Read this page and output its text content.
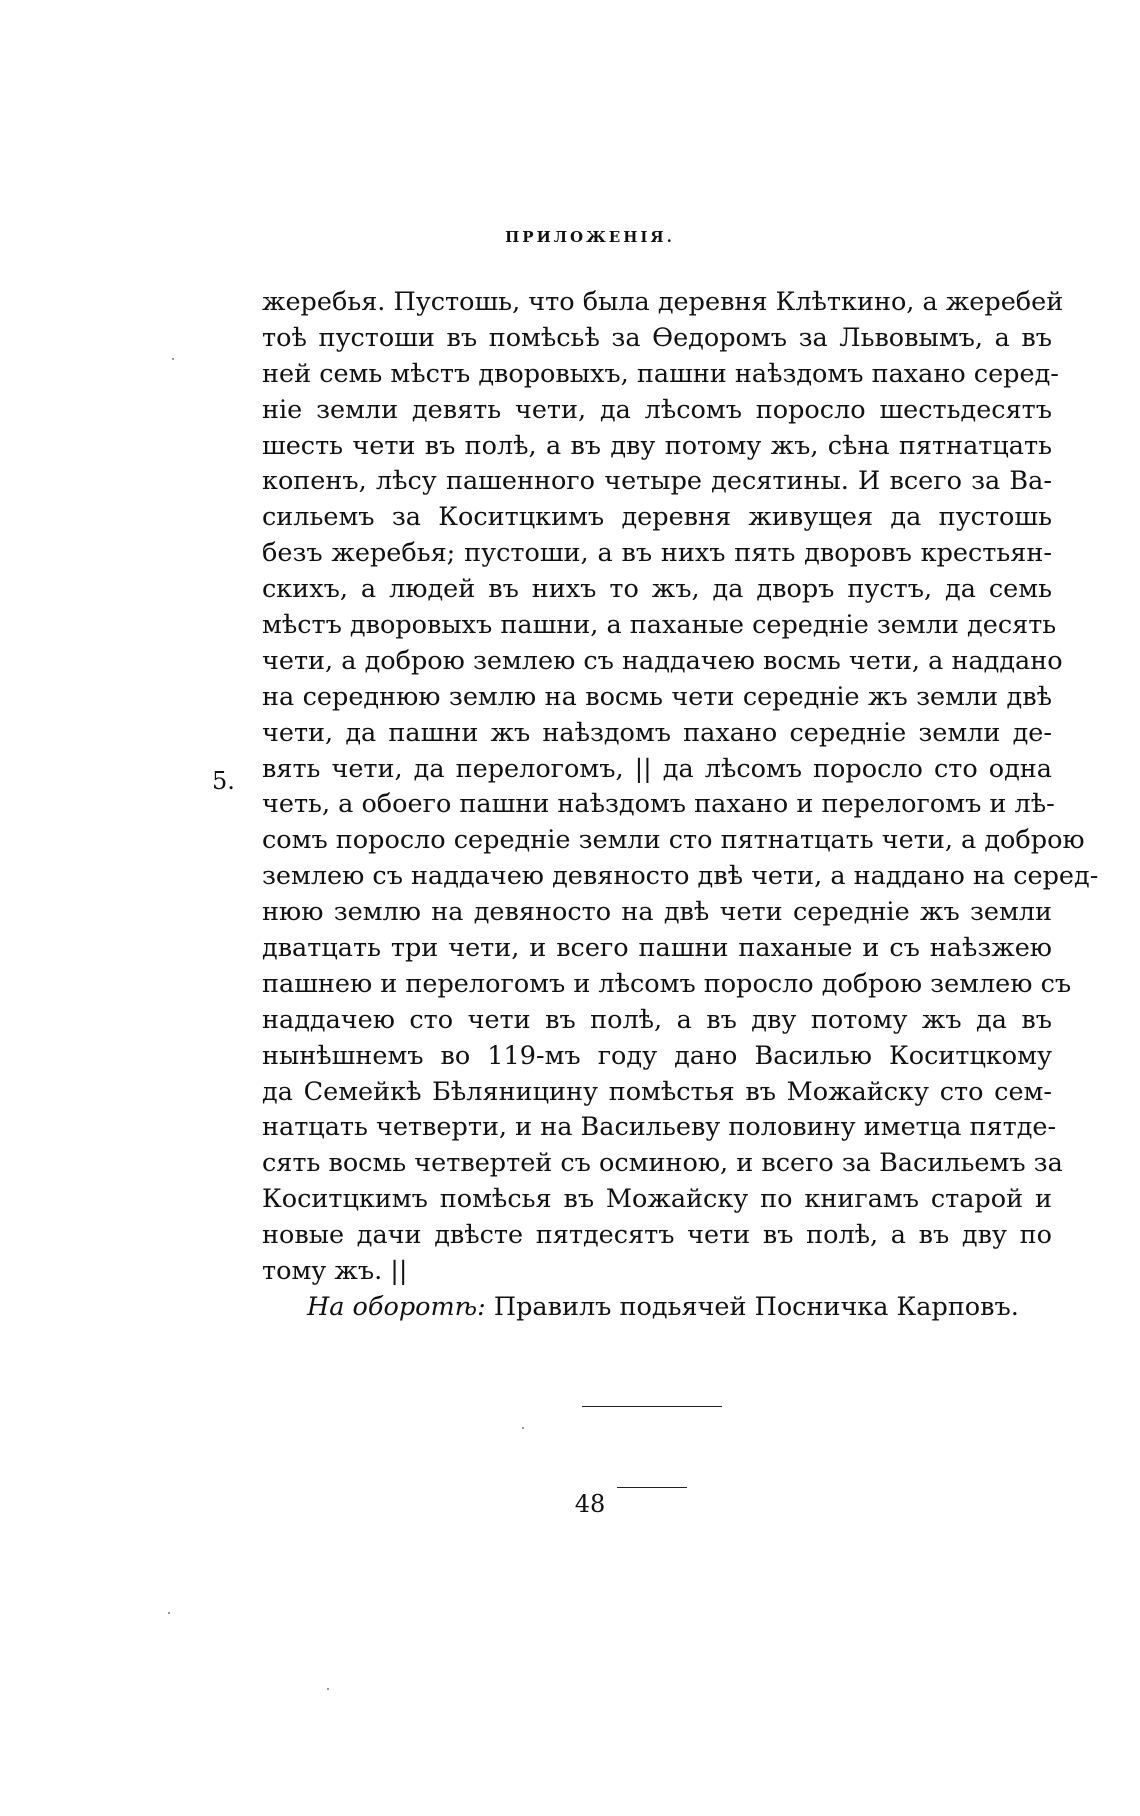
ПРИЛОЖЕНІЯ.
5.
жеребья. Пустошь, что была деревня Клѣткино, а жеребей
тоѣ пустоши въ помѣсьѣ за Ѳедоромъ за Львовымъ, а въ
ней семь мѣстъ дворовыхъ, пашни наѣздомъ пахано серед-
ніе земли девять чети, да лѣсомъ поросло шестьдесятъ
шесть чети въ полѣ, а въ дву потому жъ, сѣна пятнатцать
копенъ, лѣсу пашенного четыре десятины. И всего за Ва-
сильемъ за Коситцкимъ деревня живущея да пустошь
безъ жеребья; пустоши, а въ нихъ пять дворовъ крестьян-
скихъ, а людей въ нихъ то жъ, да дворъ пустъ, да семь
мѣстъ дворовыхъ пашни, а паханые середніе земли десять
чети, а доброю землею съ наддачею восмь чети, а наддано
на середнюю землю на восмь чети середніе жъ земли двѣ
чети, да пашни жъ наѣздомъ пахано середніе земли де-
вять чети, да перелогомъ, || да лѣсомъ поросло сто одна
четь, а обоего пашни наѣздомъ пахано и перелогомъ и лѣ-
сомъ поросло середніе земли сто пятнатцать чети, а доброю
землею съ наддачею девяносто двѣ чети, а наддано на серед-
нюю землю на девяносто на двѣ чети середніе жъ земли
дватцать три чети, и всего пашни паханые и съ наѣзжею
пашнею и перелогомъ и лѣсомъ поросло доброю землею съ
наддачею сто чети въ полѣ, а въ дву потому жъ да въ
нынѣшнемъ во 119-мъ году дано Василью Коситцкому
да Семейкѣ Бѣляницину помѣстья въ Можайску сто сем-
натцать четверти, и на Васильеву половину иметца пятде-
сять восмь четвертей съ осминою, и всего за Васильемъ за
Коситцкимъ помѣсья въ Можайску по книгамъ старой и
новые дачи двѣсте пятдесятъ чети въ полѣ, а въ дву по
тому жъ. ||
На оборотѣ: Правилъ подьячей Посничка Карповъ.
48
